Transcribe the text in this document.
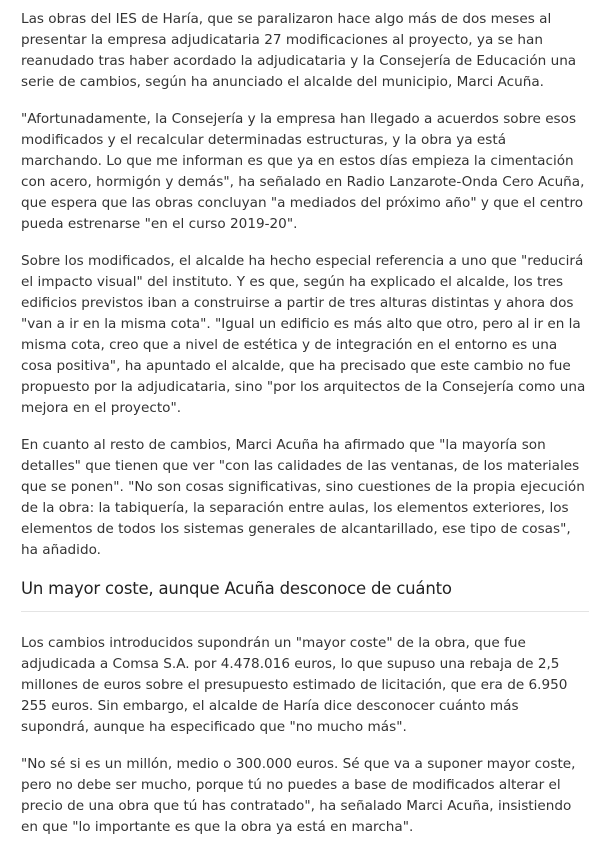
Las obras del IES de Haría, que se paralizaron hace algo más de dos meses al presentar la empresa adjudicataria 27 modificaciones al proyecto, ya se han reanudado tras haber acordado la adjudicataria y la Consejería de Educación una serie de cambios, según ha anunciado el alcalde del municipio, Marci Acuña.

"Afortunadamente, la Consejería y la empresa han llegado a acuerdos sobre esos modificados y el recalcular determinadas estructuras, y la obra ya está marchando. Lo que me informan es que ya en estos días empieza la cimentación con acero, hormigón y demás", ha señalado en Radio Lanzarote-Onda Cero Acuña, que espera que las obras concluyan "a mediados del próximo año" y que el centro pueda estrenarse "en el curso 2019-20".

Sobre los modificados, el alcalde ha hecho especial referencia a uno que "reducirá el impacto visual" del instituto. Y es que, según ha explicado el alcalde, los tres edificios previstos iban a construirse a partir de tres alturas distintas y ahora dos "van a ir en la misma cota". "Igual un edificio es más alto que otro, pero al ir en la misma cota, creo que a nivel de estética y de integración en el entorno es una cosa positiva", ha apuntado el alcalde, que ha precisado que este cambio no fue propuesto por la adjudicataria, sino "por los arquitectos de la Consejería como una mejora en el proyecto".

En cuanto al resto de cambios, Marci Acuña ha afirmado que "la mayoría son detalles" que tienen que ver "con las calidades de las ventanas, de los materiales que se ponen". "No son cosas significativas, sino cuestiones de la propia ejecución de la obra: la tabiquería, la separación entre aulas, los elementos exteriores, los elementos de todos los sistemas generales de alcantarillado, ese tipo de cosas", ha añadido.

Un mayor coste, aunque Acuña desconoce de cuánto

Los cambios introducidos supondrán un "mayor coste" de la obra, que fue adjudicada a Comsa S.A. por 4.478.016 euros, lo que supuso una rebaja de 2,5 millones de euros sobre el presupuesto estimado de licitación, que era de 6.950 255 euros. Sin embargo, el alcalde de Haría dice desconocer cuánto más supondrá, aunque ha especificado que "no mucho más".

"No sé si es un millón, medio o 300.000 euros. Sé que va a suponer mayor coste, pero no debe ser mucho, porque tú no puedes a base de modificados alterar el precio de una obra que tú has contratado", ha señalado Marci Acuña, insistiendo en que "lo importante es que la obra ya está en marcha".
